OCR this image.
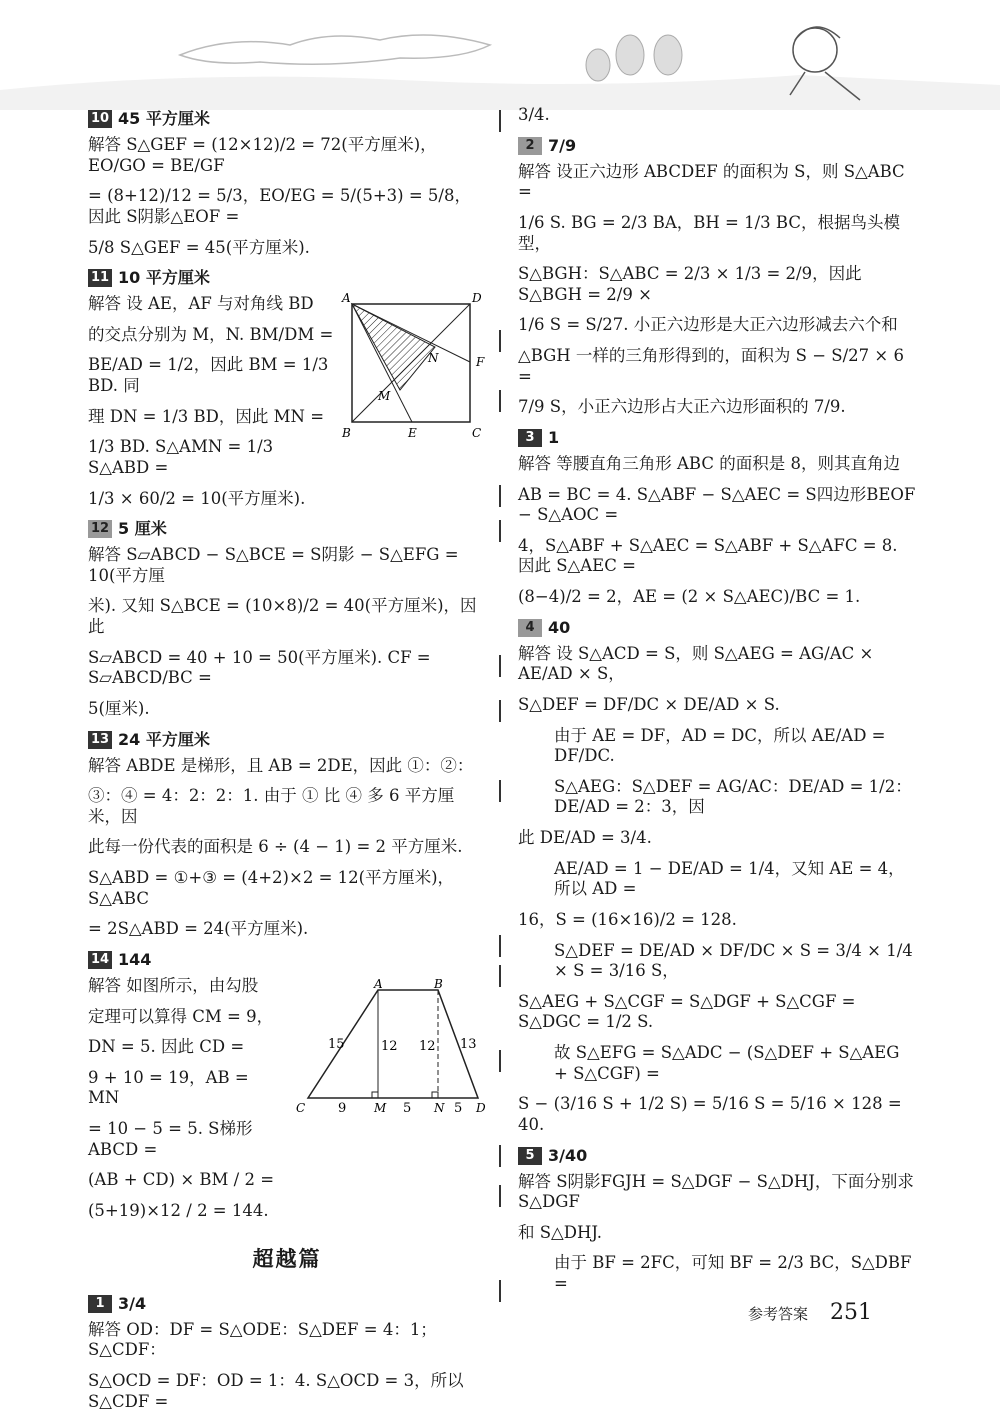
10 45 平方厘米
解答 S△GEF = (12×12)/2 = 72(平方厘米)，EO/GO = BE/GF
= (8+12)/12 = 5/3，EO/EG = 5/(5+3) = 5/8，因此 S阴影△EOF =
5/8 S△GEF = 45(平方厘米).
11 10 平方厘米
解答 设 AE，AF 与对角线 BD
的交点分别为 M，N. BM/DM =
BE/AD = 1/2，因此 BM = 1/3 BD. 同
理 DN = 1/3 BD，因此 MN =
1/3 BD. S△AMN = 1/3 S△ABD =
1/3 × 60/2 = 10(平方厘米).
A	D
F
N
M
B	E	C
12 5 厘米
解答 S▱ABCD − S△BCE = S阴影 − S△EFG = 10(平方厘
米). 又知 S△BCE = (10×8)/2 = 40(平方厘米)，因此
S▱ABCD = 40 + 10 = 50(平方厘米). CF = S▱ABCD/BC =
5(厘米).
13 24 平方厘米
解答 ABDE 是梯形，且 AB = 2DE，因此 ①：②：
③：④ = 4：2：2：1. 由于 ① 比 ④ 多 6 平方厘米，因
此每一份代表的面积是 6 ÷ (4 − 1) = 2 平方厘米.
S△ABD = ①+③ = (4+2)×2 = 12(平方厘米)，S△ABC
= 2S△ABD = 24(平方厘米).
14 144
解答 如图所示，由勾股
定理可以算得 CM = 9，
DN = 5. 因此 CD =
9 + 10 = 19，AB = MN
= 10 − 5 = 5. S梯形ABCD =
(AB + CD) × BM / 2 =
(5+19)×12 / 2 = 144.
A	B
15	12 12 13
C	9 M 5 N 5 D
超越篇
1 3/4
解答 OD：DF = S△ODE：S△DEF = 4：1；S△CDF：
S△OCD = DF：OD = 1：4. S△OCD = 3，所以 S△CDF =
3/4.
2 7/9
解答 设正六边形 ABCDEF 的面积为 S，则 S△ABC =
1/6 S. BG = 2/3 BA，BH = 1/3 BC，根据鸟头模型，
S△BGH：S△ABC = 2/3 × 1/3 = 2/9，因此 S△BGH = 2/9 ×
1/6 S = S/27. 小正六边形是大正六边形减去六个和
△BGH 一样的三角形得到的，面积为 S − S/27 × 6 =
7/9 S，小正六边形占大正六边形面积的 7/9.
3 1
解答 等腰直角三角形 ABC 的面积是 8，则其直角边
AB = BC = 4. S△ABF − S△AEC = S四边形BEOF − S△AOC =
4，S△ABF + S△AEC = S△ABF + S△AFC = 8. 因此 S△AEC =
(8−4)/2 = 2，AE = (2 × S△AEC)/BC = 1.
4 40
解答 设 S△ACD = S，则 S△AEG = AG/AC × AE/AD × S，
S△DEF = DF/DC × DE/AD × S.
由于 AE = DF，AD = DC，所以 AE/AD = DF/DC.
S△AEG：S△DEF = AG/AC：DE/AD = 1/2：DE/AD = 2：3，因
此 DE/AD = 3/4.
AE/AD = 1 − DE/AD = 1/4，又知 AE = 4，所以 AD =
16，S = (16×16)/2 = 128.
S△DEF = DE/AD × DF/DC × S = 3/4 × 1/4 × S = 3/16 S，
S△AEG + S△CGF = S△DGF + S△CGF = S△DGC = 1/2 S.
故 S△EFG = S△ADC − (S△DEF + S△AEG + S△CGF) =
S − (3/16 S + 1/2 S) = 5/16 S = 5/16 × 128 = 40.
5 3/40
解答 S阴影FGJH = S△DGF − S△DHJ，下面分别求 S△DGF
和 S△DHJ.
由于 BF = 2FC，可知 BF = 2/3 BC，S△DBF =
参考答案 251
